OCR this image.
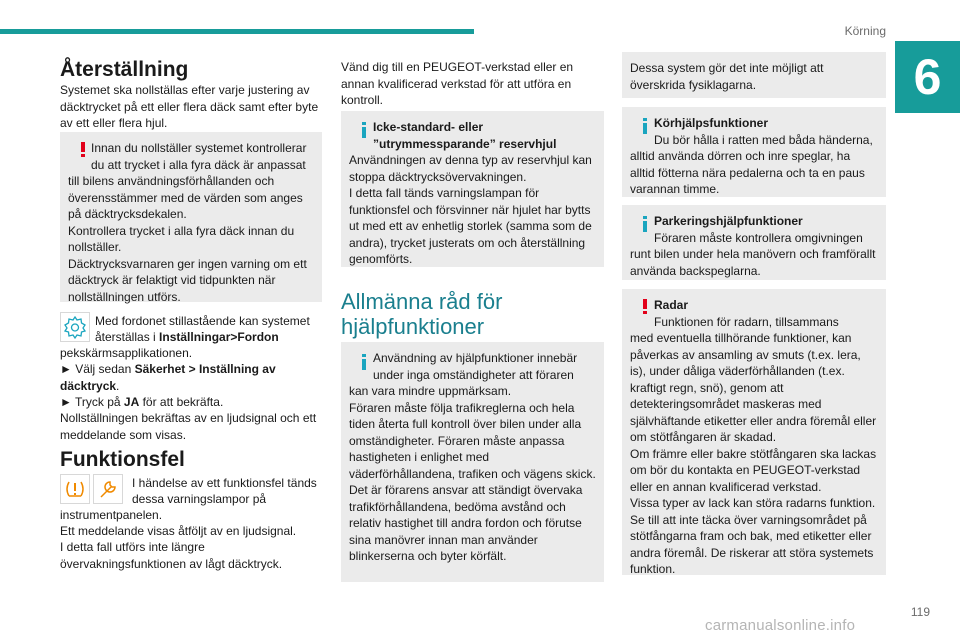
Körning
6
Återställning

Systemet ska nollställas efter varje justering av däcktrycket på ett eller flera däck samt efter byte av ett eller flera hjul.

Innan du nollställer systemet kontrollerar
du att trycket i alla fyra däck är anpassat
till bilens användningsförhållanden och överensstämmer med de värden som anges på däcktrycksdekalen.
Kontrollera trycket i alla fyra däck innan du nollställer.
Däcktrycksvarnaren ger ingen varning om ett däcktryck är felaktigt vid tidpunkten när nollställningen utförs.
Med fordonet stillastående kan systemet
återställas i Inställningar>Fordon
pekskärmsapplikationen.
► Välj sedan Säkerhet > Inställning av däcktryck.
► Tryck på JA för att bekräfta.
Nollställningen bekräftas av en ljudsignal och ett meddelande som visas.
Funktionsfel
I händelse av ett funktionsfel tänds
dessa varningslampor på
instrumentpanelen.
Ett meddelande visas åtföljt av en ljudsignal.
I detta fall utförs inte längre övervakningsfunktionen av lågt däcktryck.

Vänd dig till en PEUGEOT-verkstad eller en annan kvalificerad verkstad för att utföra en kontroll.

Icke-standard- eller
”utrymmessparande” reservhjul
Användningen av denna typ av reservhjul kan stoppa däcktrycksövervakningen.
I detta fall tänds varningslampan för funktionsfel och försvinner när hjulet har bytts ut med ett av enhetlig storlek (samma som de andra), trycket justerats om och återställning genomförts.
Allmänna råd för
hjälpfunktioner
Användning av hjälpfunktioner innebär
under inga omständigheter att föraren
kan vara mindre uppmärksam.
Föraren måste följa trafikreglerna och hela tiden återta full kontroll över bilen under alla omständigheter. Föraren måste anpassa hastigheten i enlighet med väderförhållandena, trafiken och vägens skick.
Det är förarens ansvar att ständigt övervaka trafikförhållandena, bedöma avstånd och relativ hastighet till andra fordon och förutse sina manövrer innan man använder blinkerserna och byter körfält.
Dessa system gör det inte möjligt att överskrida fysiklagarna.
Körhjälpsfunktioner
Du bör hålla i ratten med båda händerna,
alltid använda dörren och inre speglar, ha alltid fötterna nära pedalerna och ta en paus varannan timme.
Parkeringshjälpfunktioner
Föraren måste kontrollera omgivningen
runt bilen under hela manövern och framförallt använda backspeglarna.
Radar
Funktionen för radarn, tillsammans
med eventuella tillhörande funktioner, kan påverkas av ansamling av smuts (t.ex. lera, is), under dåliga väderförhållanden (t.ex. kraftigt regn, snö), genom att detekteringsområdet maskeras med självhäftande etiketter eller andra föremål eller om stötfångaren är skadad.
Om främre eller bakre stötfångaren ska lackas om bör du kontakta en PEUGEOT-verkstad eller en annan kvalificerad verkstad.
Vissa typer av lack kan störa radarns funktion. Se till att inte täcka över varningsområdet på stötfångarna fram och bak, med etiketter eller andra föremål. De riskerar att störa systemets funktion.
119
carmanualsonline.info
